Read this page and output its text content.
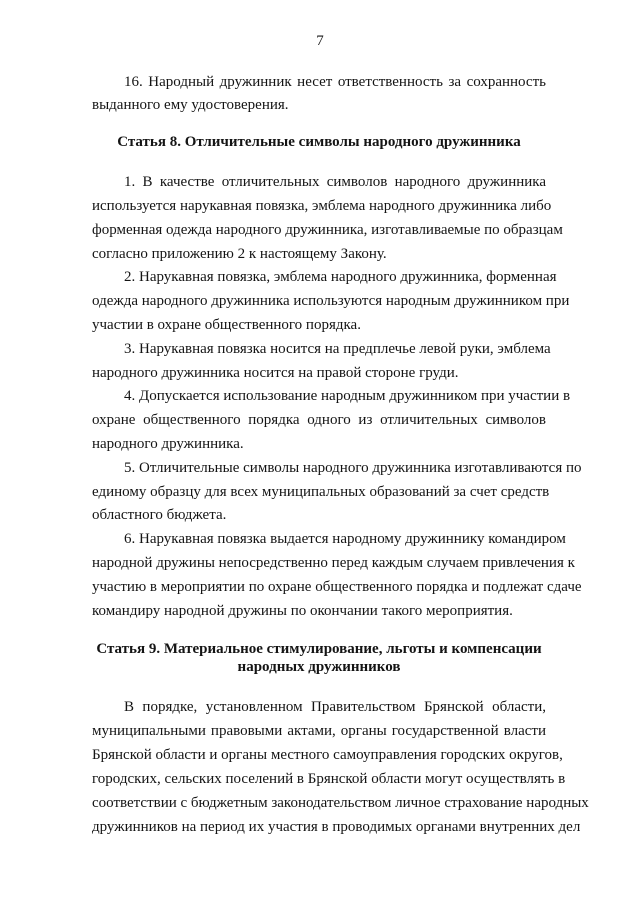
7
16. Народный дружинник несет ответственность за сохранность
выданного ему удостоверения.
Статья 8. Отличительные символы народного дружинника
1. В качестве отличительных символов народного дружинника
используется нарукавная повязка, эмблема народного дружинника либо
форменная одежда народного дружинника, изготавливаемые по образцам
согласно приложению 2 к настоящему Закону.
2. Нарукавная повязка, эмблема народного дружинника, форменная
одежда народного дружинника используются народным дружинником при
участии в охране общественного порядка.
3. Нарукавная повязка носится на предплечье левой руки, эмблема
народного дружинника носится на правой стороне груди.
4. Допускается использование народным дружинником при участии в
охране общественного порядка одного из отличительных символов
народного дружинника.
5. Отличительные символы народного дружинника изготавливаются по
единому образцу для всех муниципальных образований за счет средств
областного бюджета.
6. Нарукавная повязка выдается народному дружиннику командиром
народной дружины непосредственно перед каждым случаем привлечения к
участию в мероприятии по охране общественного порядка и подлежат сдаче
командиру народной дружины по окончании такого мероприятия.
Статья 9. Материальное стимулирование, льготы и компенсации
народных дружинников
В порядке, установленном Правительством Брянской области,
муниципальными правовыми актами, органы государственной власти
Брянской области и органы местного самоуправления городских округов,
городских, сельских поселений в Брянской области могут осуществлять в
соответствии с бюджетным законодательством личное страхование народных
дружинников на период их участия в проводимых органами внутренних дел
